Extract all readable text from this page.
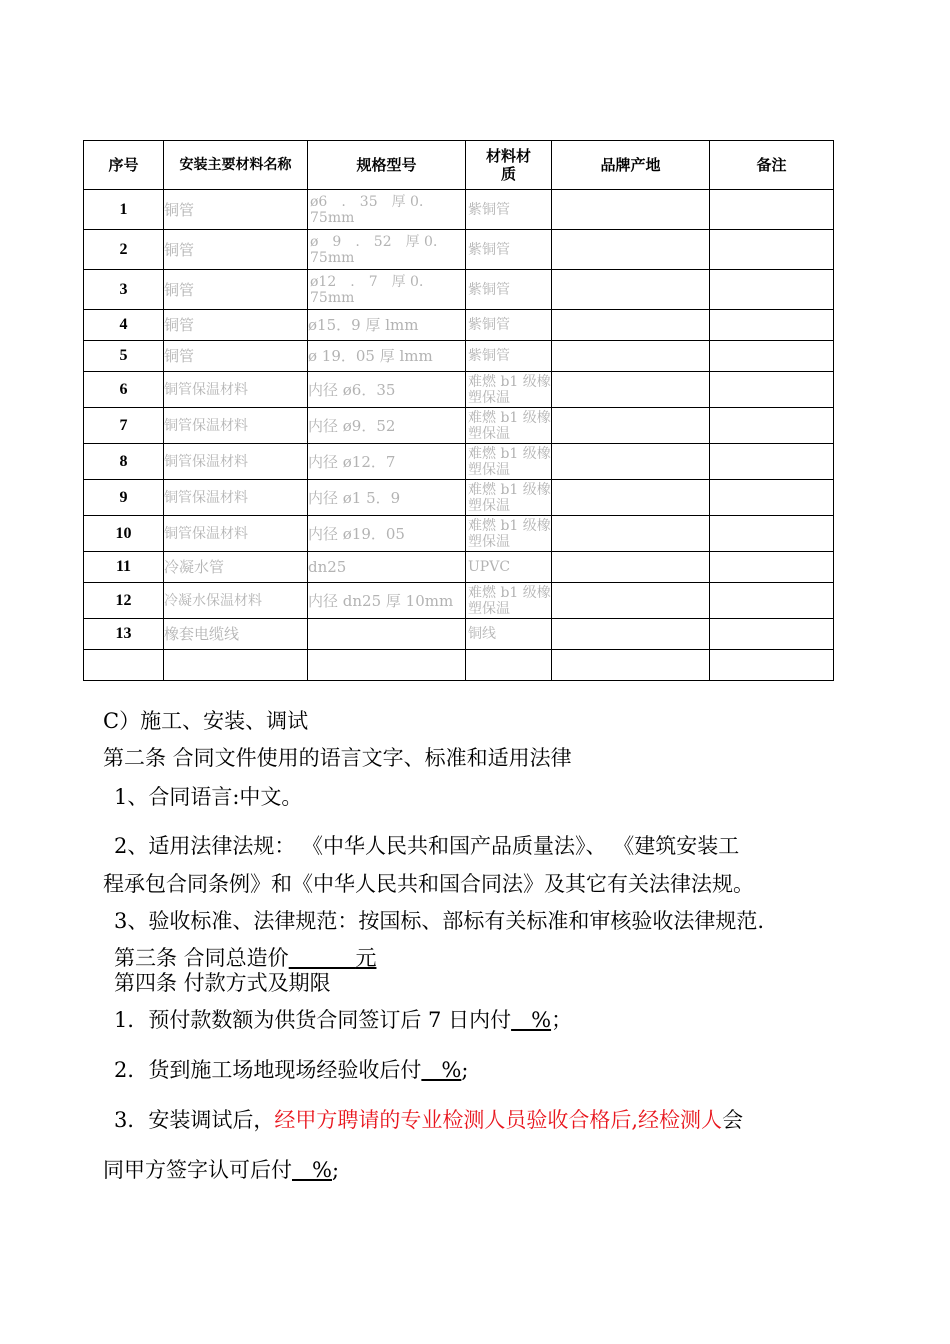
序号	安装主要材料名称	规格型号	材料材质	品牌产地	备注
1	铜管	ø6　.　35　厚 0．75mm	紫铜管		
2	铜管	ø　9　.　52　厚 0．75mm	紫铜管		
3	铜管	ø12　.　7　厚 0．75mm	紫铜管		
4	铜管	ø15．9 厚 lmm	紫铜管		
5	铜管	ø 19．05 厚 lmm	紫铜管		
6	铜管保温材料	内径 ø6．35	难燃 b1 级橡塑保温		
7	铜管保温材料	内径 ø9．52	难燃 b1 级橡塑保温		
8	铜管保温材料	内径 ø12．7	难燃 b1 级橡塑保温		
9	铜管保温材料	内径 ø1 5．9	难燃 b1 级橡塑保温		
10	铜管保温材料	内径 ø19．05	难燃 b1 级橡塑保温		
11	冷凝水管	dn25	UPVC		
12	冷凝水保温材料	内径 dn25 厚 10mm	难燃 b1 级橡塑保温		
13	橡套电缆线		铜线		

C）施工、安装、调试
第二条 合同文件使用的语言文字、标准和适用法律
1、合同语言:中文。
2、适用法律法规： 《中华人民共和国产品质量法》、 《建筑安装工
程承包合同条例》和《中华人民共和国合同法》及其它有关法律法规。
3、验收标准、法律规范：按国标、部标有关标准和审核验收法律规范.
第三条 合同总造价	元
第四条 付款方式及期限
1．预付款数额为供货合同签订后 7 日内付   %；
2．货到施工场地现场经验收后付   %;
3．安装调试后，经甲方聘请的专业检测人员验收合格后,经检测人会
同甲方签字认可后付   %;
